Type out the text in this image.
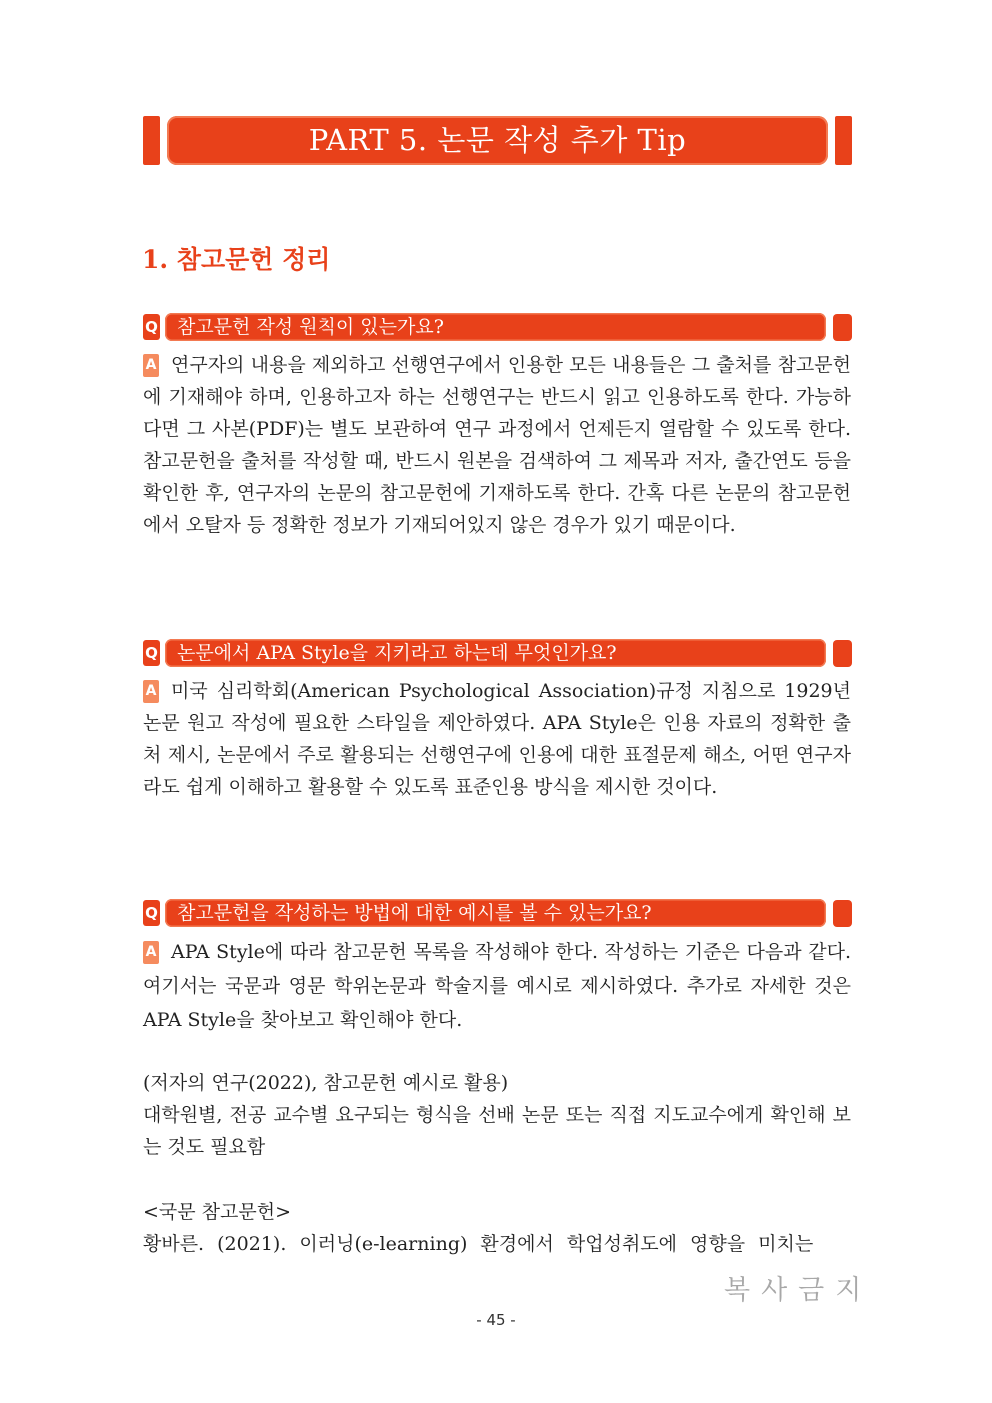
PART 5. 논문 작성 추가 Tip
1. 참고문헌 정리
Q 참고문헌 작성 원칙이 있는가요?

A 연구자의 내용을 제외하고 선행연구에서 인용한 모든 내용들은 그 출처를 참고문헌에 기재해야 하며, 인용하고자 하는 선행연구는 반드시 읽고 인용하도록 한다. 가능하다면 그 사본(PDF)는 별도 보관하여 연구 과정에서 언제든지 열람할 수 있도록 한다. 참고문헌을 출처를 작성할 때, 반드시 원본을 검색하여 그 제목과 저자, 출간연도 등을 확인한 후, 연구자의 논문의 참고문헌에 기재하도록 한다. 간혹 다른 논문의 참고문헌에서 오탈자 등 정확한 정보가 기재되어있지 않은 경우가 있기 때문이다.

Q 논문에서 APA Style을 지키라고 하는데 무엇인가요?

A 미국 심리학회(American Psychological Association)규정 지침으로 1929년 논문 원고 작성에 필요한 스타일을 제안하였다. APA Style은 인용 자료의 정확한 출처 제시, 논문에서 주로 활용되는 선행연구에 인용에 대한 표절문제 해소, 어떤 연구자라도 쉽게 이해하고 활용할 수 있도록 표준인용 방식을 제시한 것이다.

Q 참고문헌을 작성하는 방법에 대한 예시를 볼 수 있는가요?

A APA Style에 따라 참고문헌 목록을 작성해야 한다. 작성하는 기준은 다음과 같다. 여기서는 국문과 영문 학위논문과 학술지를 예시로 제시하였다. 추가로 자세한 것은 APA Style을 찾아보고 확인해야 한다.

(저자의 연구(2022), 참고문헌 예시로 활용)

대학원별, 전공 교수별 요구되는 형식을 선배 논문 또는 직접 지도교수에게 확인해 보는 것도 필요함

<국문 참고문헌>

황바른. (2021). 이러닝(e-learning) 환경에서 학업성취도에 영향을 미치는

복사금지
- 45 -
